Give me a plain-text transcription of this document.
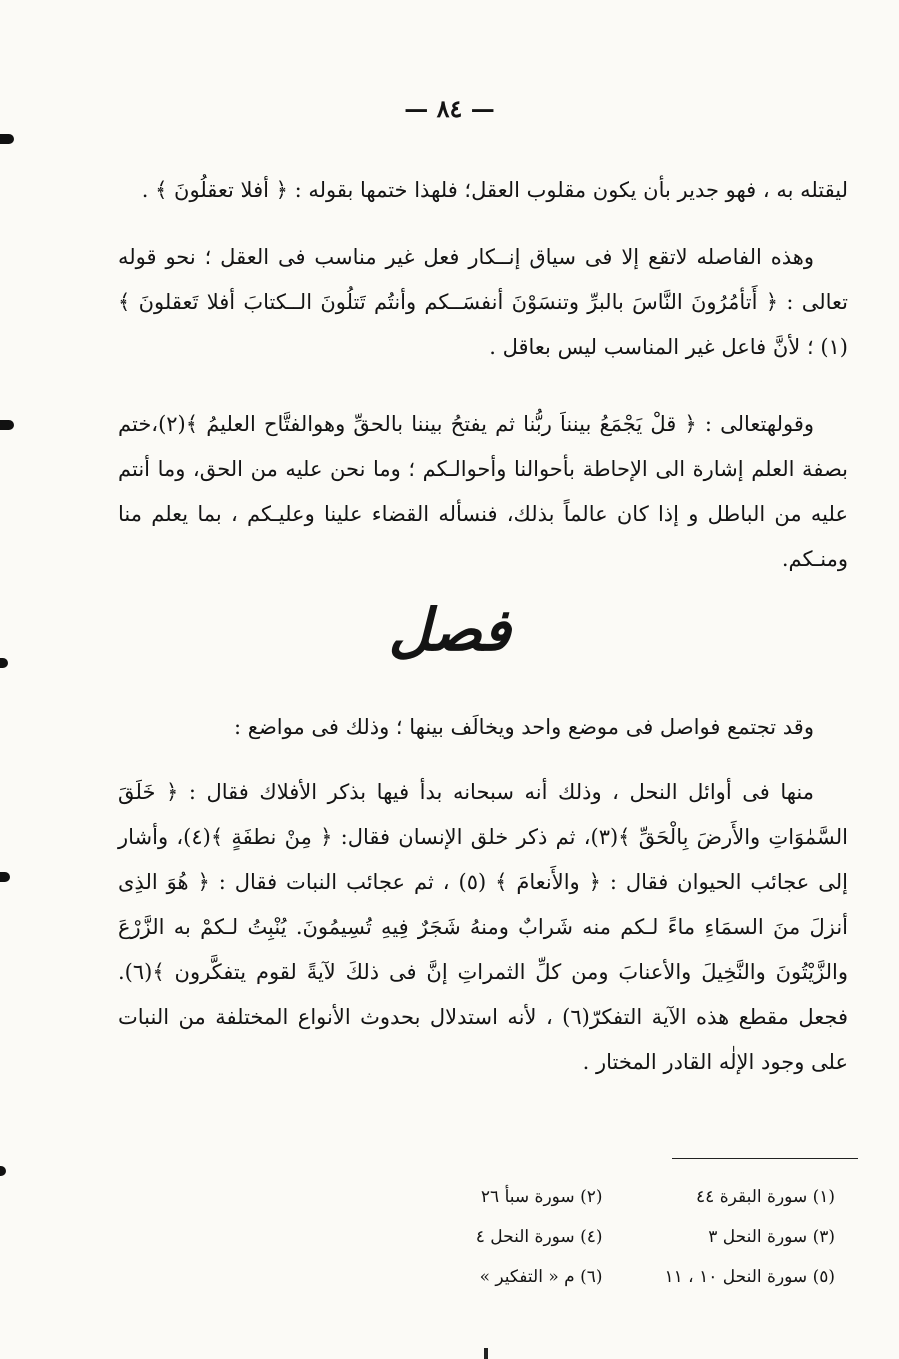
— ٨٤ —

ليقتله به ، فهو جدير بأن يكون مقلوب العقل؛ فلهذا ختمها بقوله : ﴿ أفلا تعقلُونَ ﴾ .

وهذه الفاصله لاتقع إلا فى سياق إنــكار فعل غير مناسب فى العقل ؛ نحو قوله تعالى : ﴿ أَتأمُرُونَ النَّاسَ بالبرِّ وتنسَوْنَ أنفسَــكم وأنتُم تَتلُونَ الــكتابَ أفلا تَعقلونَ ﴾ (١) ؛ لأنَّ فاعل غير المناسب ليس بعاقل .

وقولهتعالى : ﴿ قلْ يَجْمَعُ بينناَ ربُّنا ثم يفتحُ بيننا بالحقِّ وهوالفتَّاح العليمُ ﴾(٢)،ختم بصفة العلم إشارة الى الإحاطة بأحوالنا وأحوالـكم ؛ وما نحن عليه من الحق، وما أنتم عليه من الباطل و إذا كان عالماً بذلك، فنسأله القضاء علينا وعليـكم ، بما يعلم منا ومنـكم.

فصل

وقد تجتمع فواصل فى موضع واحد ويخالَف بينها ؛ وذلك فى مواضع :

منها فى أوائل النحل ، وذلك أنه سبحانه بدأ فيها بذكر الأفلاك فقال : ﴿ خَلَقَ السَّمٰوَاتِ والأَرضَ بِالْحَقِّ ﴾(٣)، ثم ذكر خلق الإنسان فقال: ﴿ مِنْ نطفَةٍ ﴾(٤)، وأشار إلى عجائب الحيوان فقال : ﴿ والأَنعامَ ﴾ (٥) ، ثم عجائب النبات فقال : ﴿ هُوَ الذِى أنزلَ منَ السمَاءِ ماءً لـكم منه شَرابٌ ومنهُ شَجَرٌ فِيهِ تُسِيمُونَ. يُنْبِتُ لـكمْ به الزَّرْعَ والزَّيْتُونَ والنَّخِيلَ والأعنابَ ومن كلِّ الثمراتِ إنَّ فى ذلكَ لآيةً لقوم يتفكَّرون ﴾(٦). فجعل مقطع هذه الآية التفكرّ(٦) ، لأنه استدلال بحدوث الأنواع المختلفة من النبات على وجود الإلٰه القادر المختار .

(١) سورة البقرة ٤٤
(٢) سورة سبأ ٢٦
(٣) سورة النحل ٣
(٤) سورة النحل ٤
(٥) سورة النحل ١٠ ، ١١
(٦) م « التفكير »
